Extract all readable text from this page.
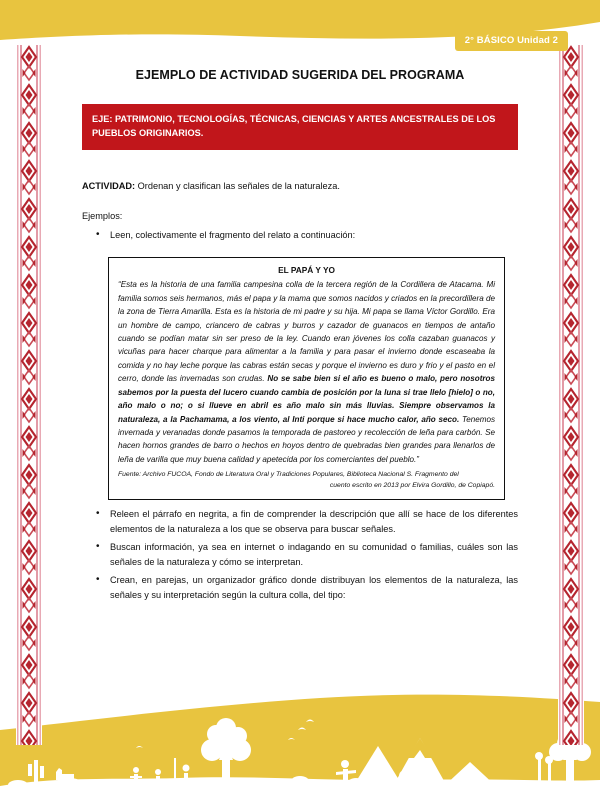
2° BÁSICO Unidad 2
EJEMPLO DE ACTIVIDAD SUGERIDA DEL PROGRAMA
EJE: PATRIMONIO, TECNOLOGÍAS, TÉCNICAS, CIENCIAS Y ARTES ANCESTRALES DE LOS PUEBLOS ORIGINARIOS.
ACTIVIDAD: Ordenan y clasifican las señales de la naturaleza.
Ejemplos:
• Leen, colectivamente el fragmento del relato a continuación:
EL PAPÁ Y YO

“Esta es la historia de una familia campesina colla de la tercera región de la Cordillera de Atacama. Mi familia somos seis hermanos, más el papa y la mama que somos nacidos y criados en la precordillera de la zona de Tierra Amarilla. Esta es la historia de mi padre y su hija. Mi papa se llama Víctor Gordillo. Era un hombre de campo, criancero de cabras y burros y cazador de guanacos en tiempos de antaño cuando se podían matar sin ser preso de la ley. Cuando eran jóvenes los colla cazaban guanacos y vicuñas para hacer charque para alimentar a la familia y para pasar el invierno donde escaseaba la comida y no hay leche porque las cabras están secas y porque el invierno es duro y frio y el pasto en el cerro, donde las invernadas son crudas. No se sabe bien si el año es bueno o malo, pero nosotros sabemos por la puesta del lucero cuando cambia de posición por la luna si trae llelo [hielo] o no, año malo o no; o si llueve en abril es año malo sin más lluvias. Siempre observamos la naturaleza, a la Pachamama, a los viento, al Inti porque si hace mucho calor, año seco. Tenemos invernada y veranadas donde pasamos la temporada de pastoreo y recolección de leña para carbón. Se hacen hornos grandes de barro o hechos en hoyos dentro de quebradas bien grandes para llenarlos de leña de varilla que muy buena calidad y apetecida por los comerciantes del pueblo.”

Fuente: Archivo FUCOA, Fondo de Literatura Oral y Tradiciones Populares, Biblioteca Nacional S. Fragmento del
cuento escrito en 2013 por Elvira Gordillo, de Copiapó.

• Releen el párrafo en negrita, a fin de comprender la descripción que allí se hace de los diferentes elementos de la naturaleza a los que se observa para buscar señales.
• Buscan información, ya sea en internet o indagando en su comunidad o familias, cuáles son las señales de la naturaleza y cómo se interpretan.
• Crean, en parejas, un organizador gráfico donde distribuyan los elementos de la naturaleza, las señales y su interpretación según la cultura colla, del tipo:
